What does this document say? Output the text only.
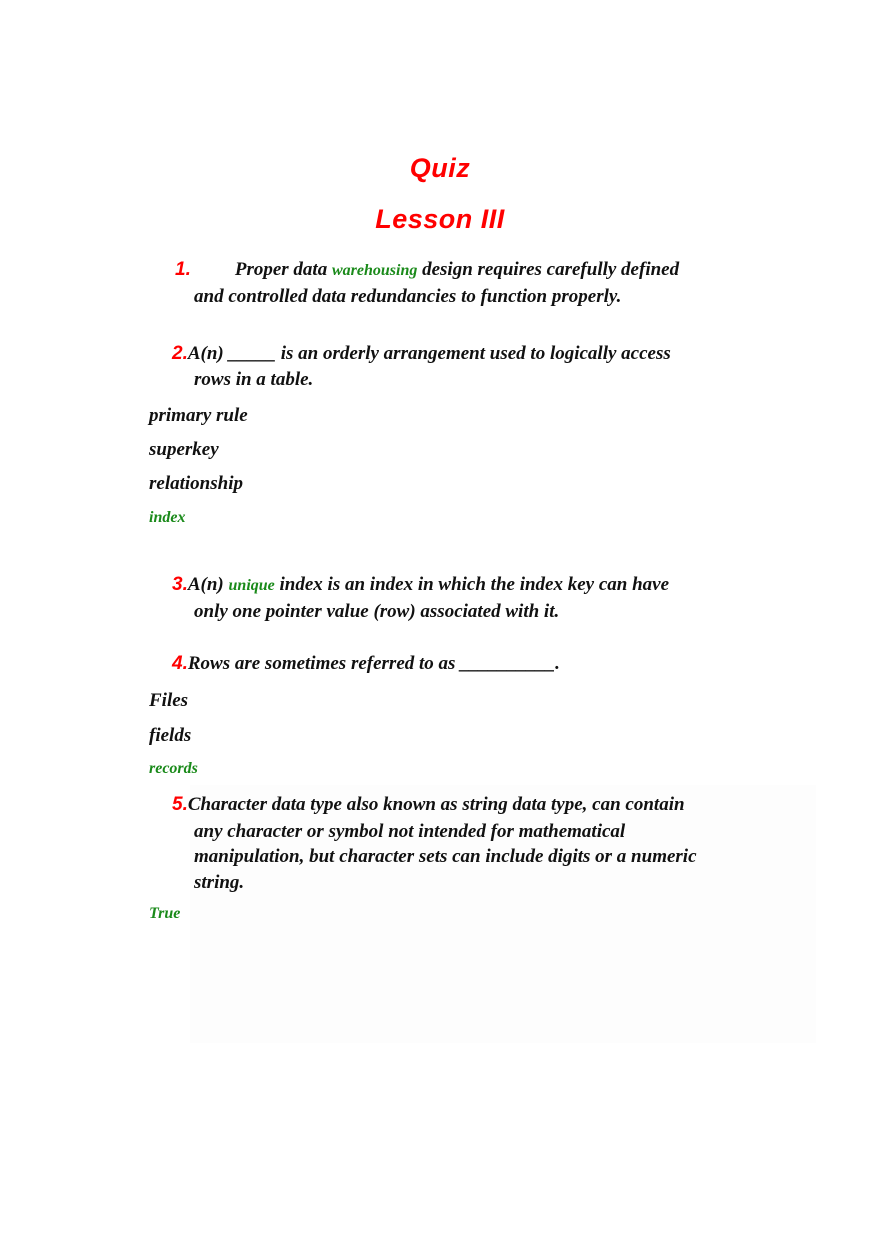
Quiz
Lesson III
1. Proper data warehousing design requires carefully defined
and controlled data redundancies to function properly.
2.A(n) _____ is an orderly arrangement used to logically access
rows in a table.
primary rule
superkey
relationship
index
3.A(n) unique index is an index in which the index key can have
only one pointer value (row) associated with it.
4.Rows are sometimes referred to as __________.
Files
fields
records
5.Character data type also known as string data type, can contain
any character or symbol not intended for mathematical
manipulation, but character sets can include digits or a numeric
string.
True
